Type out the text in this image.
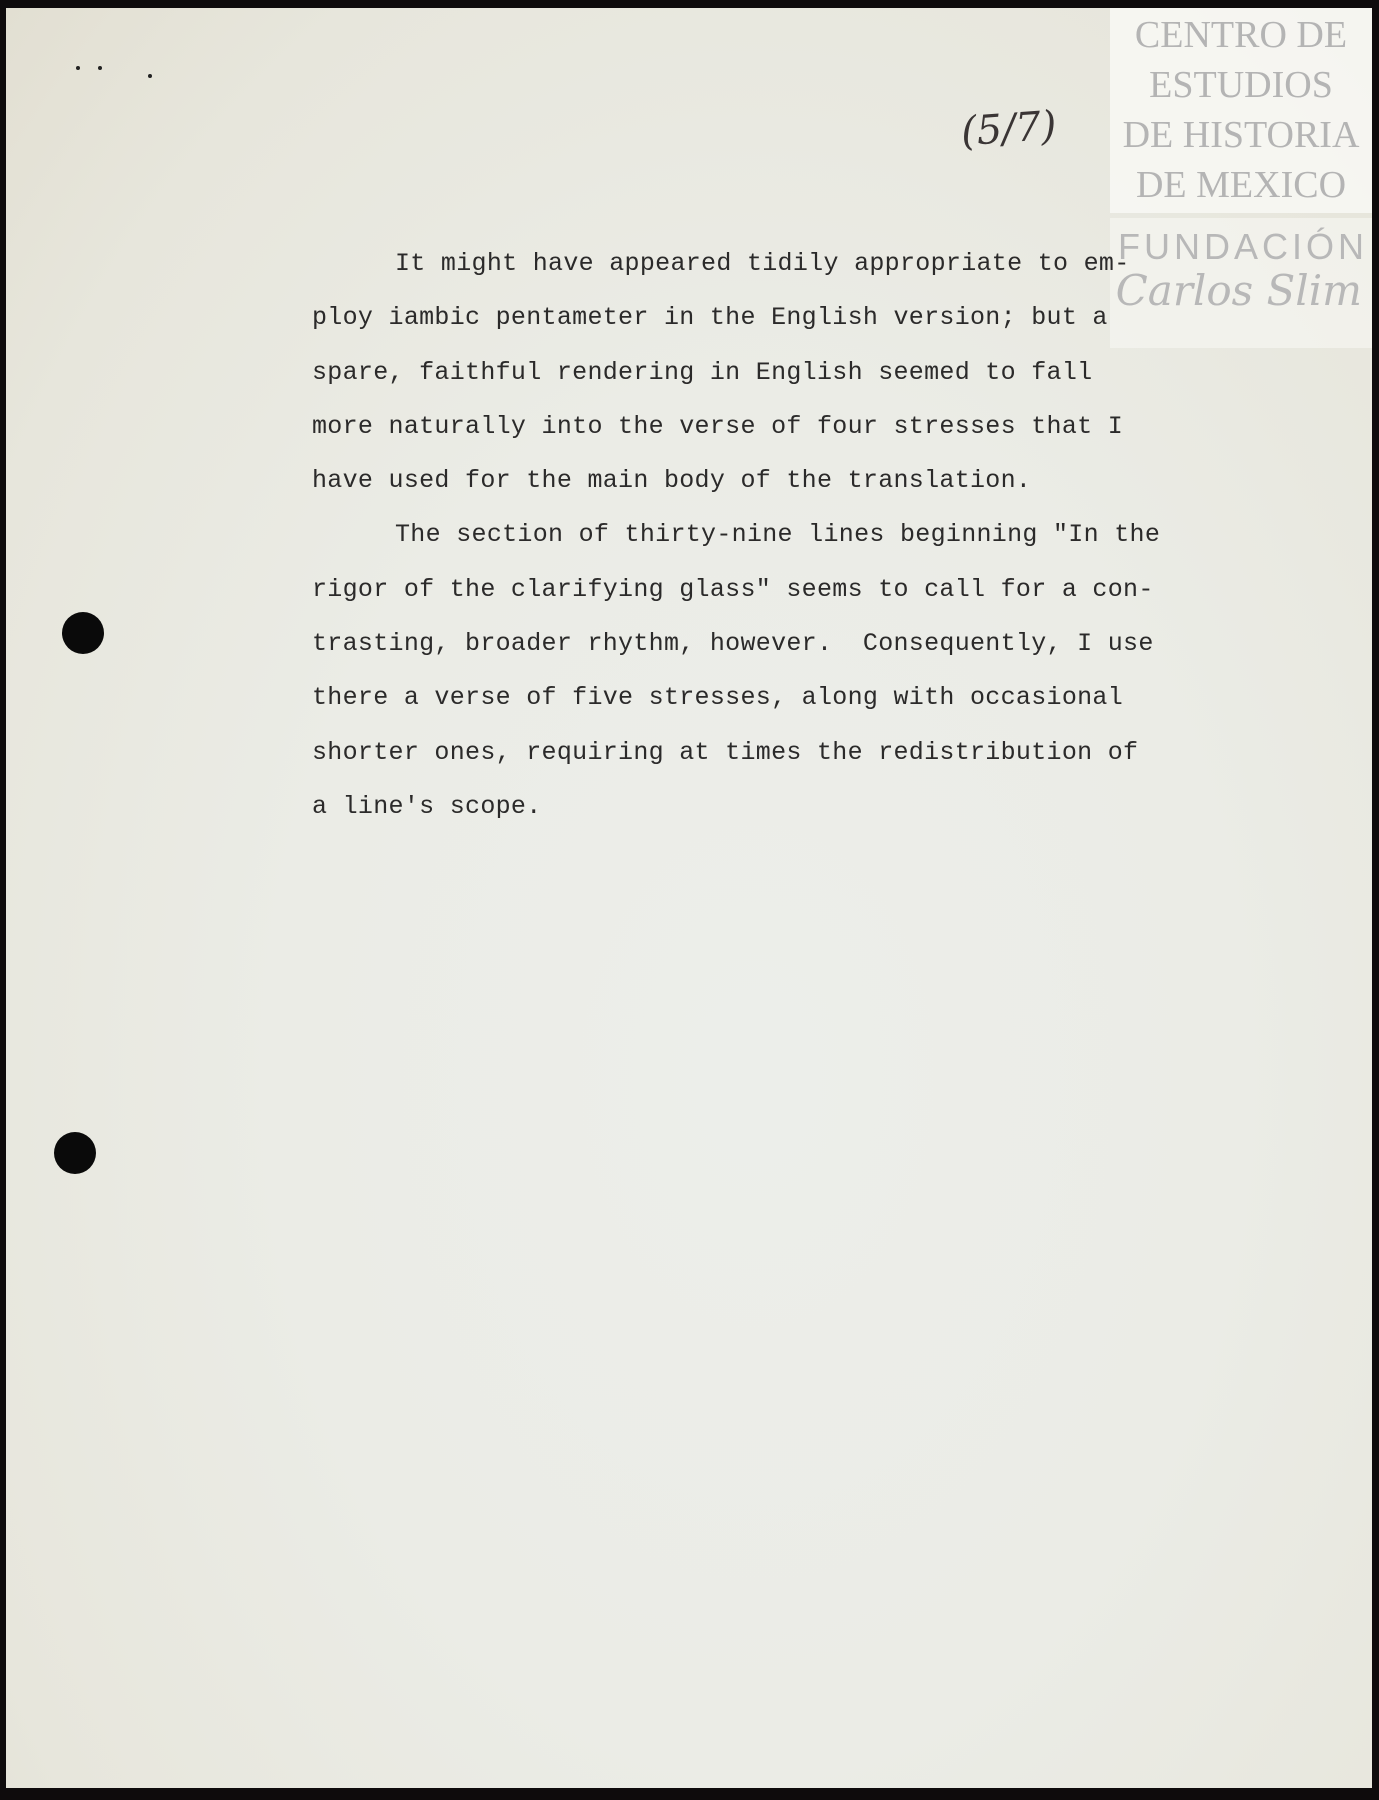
(5/7)
CENTRO DE
ESTUDIOS
DE HISTORIA
DE MEXICO
FUNDACIÓN
Carlos Slim
It might have appeared tidily appropriate to em-
ploy iambic pentameter in the English version; but a
spare, faithful rendering in English seemed to fall
more naturally into the verse of four stresses that I
have used for the main body of the translation.
The section of thirty-nine lines beginning "In the
rigor of the clarifying glass" seems to call for a con-
trasting, broader rhythm, however.  Consequently, I use
there a verse of five stresses, along with occasional
shorter ones, requiring at times the redistribution of
a line's scope.
